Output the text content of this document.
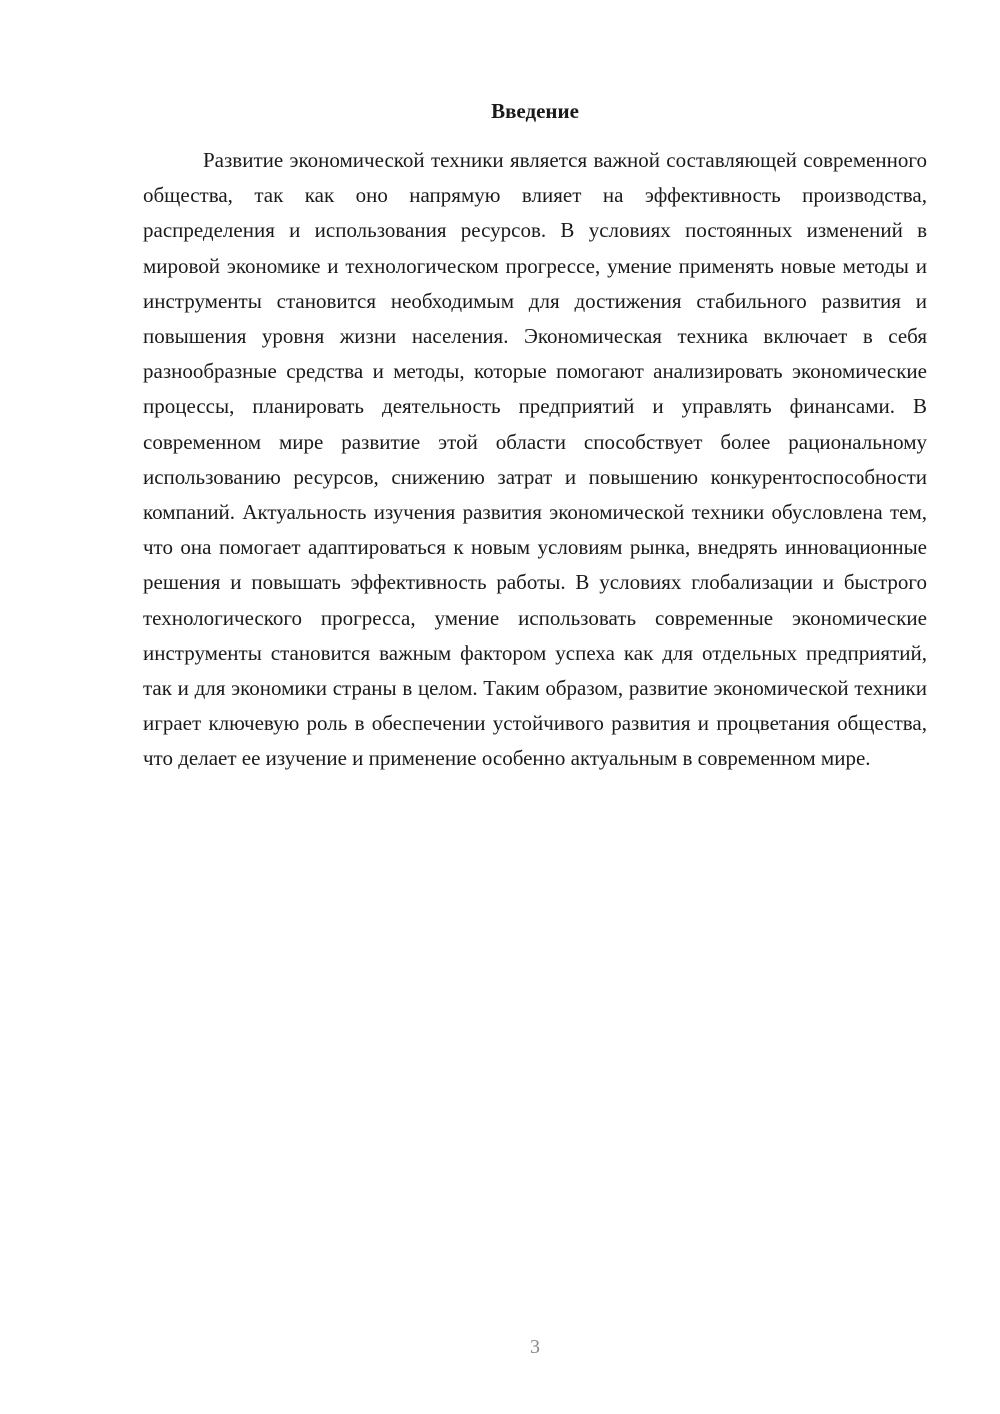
Введение

Развитие экономической техники является важной составляющей современного общества, так как оно напрямую влияет на эффективность производства, распределения и использования ресурсов. В условиях постоянных изменений в мировой экономике и технологическом прогрессе, умение применять новые методы и инструменты становится необходимым для достижения стабильного развития и повышения уровня жизни населения. Экономическая техника включает в себя разнообразные средства и методы, которые помогают анализировать экономические процессы, планировать деятельность предприятий и управлять финансами. В современном мире развитие этой области способствует более рациональному использованию ресурсов, снижению затрат и повышению конкурентоспособности компаний. Актуальность изучения развития экономической техники обусловлена тем, что она помогает адаптироваться к новым условиям рынка, внедрять инновационные решения и повышать эффективность работы. В условиях глобализации и быстрого технологического прогресса, умение использовать современные экономические инструменты становится важным фактором успеха как для отдельных предприятий, так и для экономики страны в целом. Таким образом, развитие экономической техники играет ключевую роль в обеспечении устойчивого развития и процветания общества, что делает ее изучение и применение особенно актуальным в современном мире.

3
